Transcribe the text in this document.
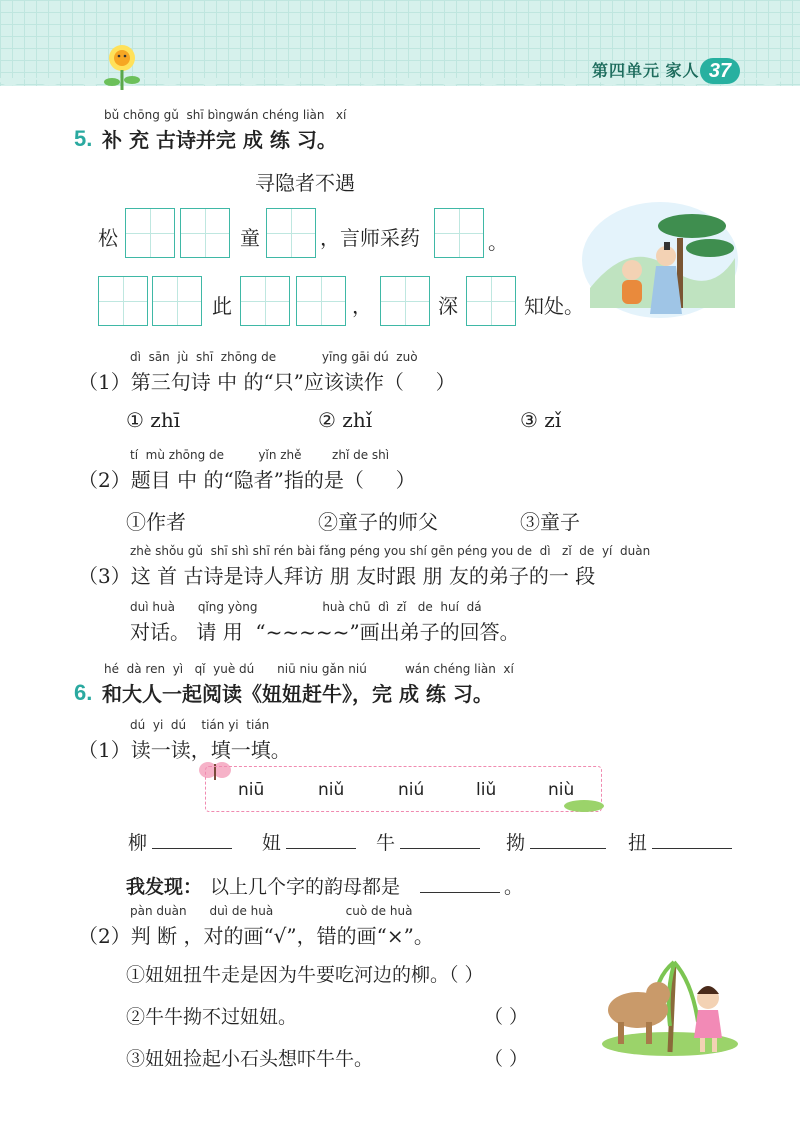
第四单元 家人 37
bǔ chōng gǔ  shī bìngwán chéng liàn   xí
5. 补 充 古诗并完 成 练 习。
寻隐者不遇
松	童	，言师采药	。
此	，	深	知处。
dì  sān  jù  shī  zhōng de            yīng gāi dú  zuò
（1）第三句诗 中 的“只”应该读作（     ）
① zhī	② zhǐ	③ zǐ
tí  mù zhōng de         yǐn zhě        zhǐ de shì
（2）题目 中 的“隐者”指的是（     ）
①作者	②童子的师父	③童子
zhè shǒu gǔ  shī shì shī rén bài fǎng péng you shí gēn péng you de  dì   zǐ  de  yí  duàn
（3）这 首 古诗是诗人拜访 朋 友时跟 朋 友的弟子的一 段
duì huà      qǐng yòng                 huà chū  dì  zǐ   de  huí  dá
对话。 请 用  “~~~~~”画出弟子的回答。
hé  dà ren  yì   qǐ  yuè dú      niū niu gǎn niú          wán chéng liàn  xí
6. 和大人一起阅读《妞妞赶牛》，完 成 练 习。
dú  yi  dú    tián yi  tián
（1）读一读，填一填。
niū	niǔ	niú	liǔ	niù
柳	妞	牛	拗	扭
我发现： 以上几个字的韵母都是	。
pàn duàn      duì de huà                   cuò de huà
（2）判 断 ，对的画“√”，错的画“×”。
①妞妞扭牛走是因为牛要吃河边的柳。（ ）
②牛牛拗不过妞妞。	（ ）
③妞妞捡起小石头想吓牛牛。	（ ）
